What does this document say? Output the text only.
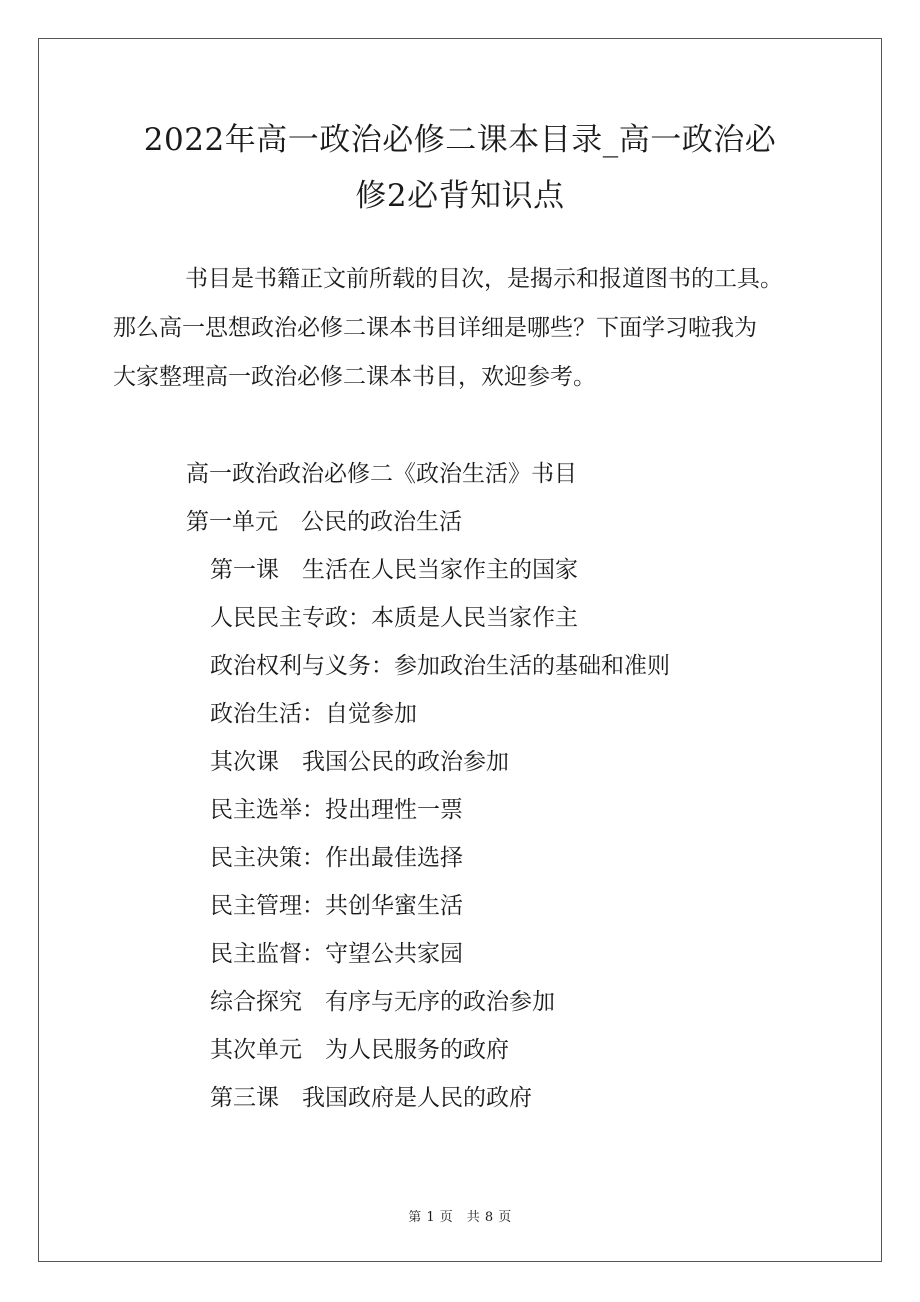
2022年高一政治必修二课本目录_高一政治必
修2必背知识点
书目是书籍正文前所载的目次，是揭示和报道图书的工具。
那么高一思想政治必修二课本书目详细是哪些？下面学习啦我为
大家整理高一政治必修二课本书目，欢迎参考。
高一政治政治必修二《政治生活》书目
第一单元　公民的政治生活
第一课　生活在人民当家作主的国家
人民民主专政：本质是人民当家作主
政治权利与义务：参加政治生活的基础和准则
政治生活：自觉参加
其次课　我国公民的政治参加
民主选举：投出理性一票
民主决策：作出最佳选择
民主管理：共创华蜜生活
民主监督：守望公共家园
综合探究　有序与无序的政治参加
其次单元　为人民服务的政府
第三课　我国政府是人民的政府
第 1 页　共 8 页
